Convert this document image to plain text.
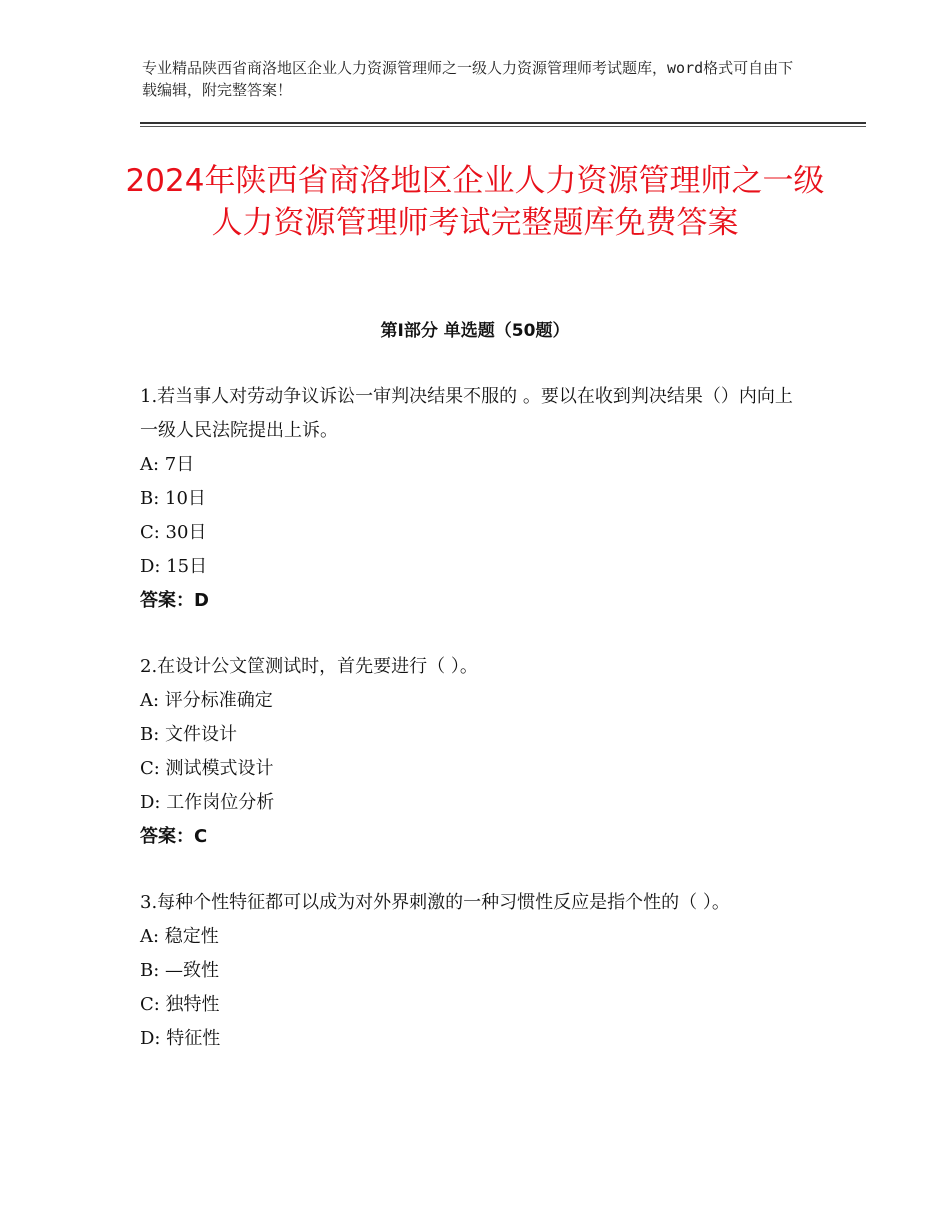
专业精品陕西省商洛地区企业人力资源管理师之一级人力资源管理师考试题库，word格式可自由下载编辑，附完整答案！
2024年陕西省商洛地区企业人力资源管理师之一级人力资源管理师考试完整题库免费答案
第Ⅰ部分 单选题（50题）

1.若当事人对劳动争议诉讼一审判决结果不服的 。要以在收到判决结果（）内向上一级人民法院提出上诉。

A: 7日

B: 10日

C: 30日

D: 15日

答案：D

2.在设计公文筐测试时，首先要进行（ ）。

A: 评分标准确定

B: 文件设计

C: 测试模式设计

D: 工作岗位分析

答案：C

3.每种个性特征都可以成为对外界刺激的一种习惯性反应是指个性的（ ）。

A: 稳定性

B: —致性

C: 独特性

D: 特征性
